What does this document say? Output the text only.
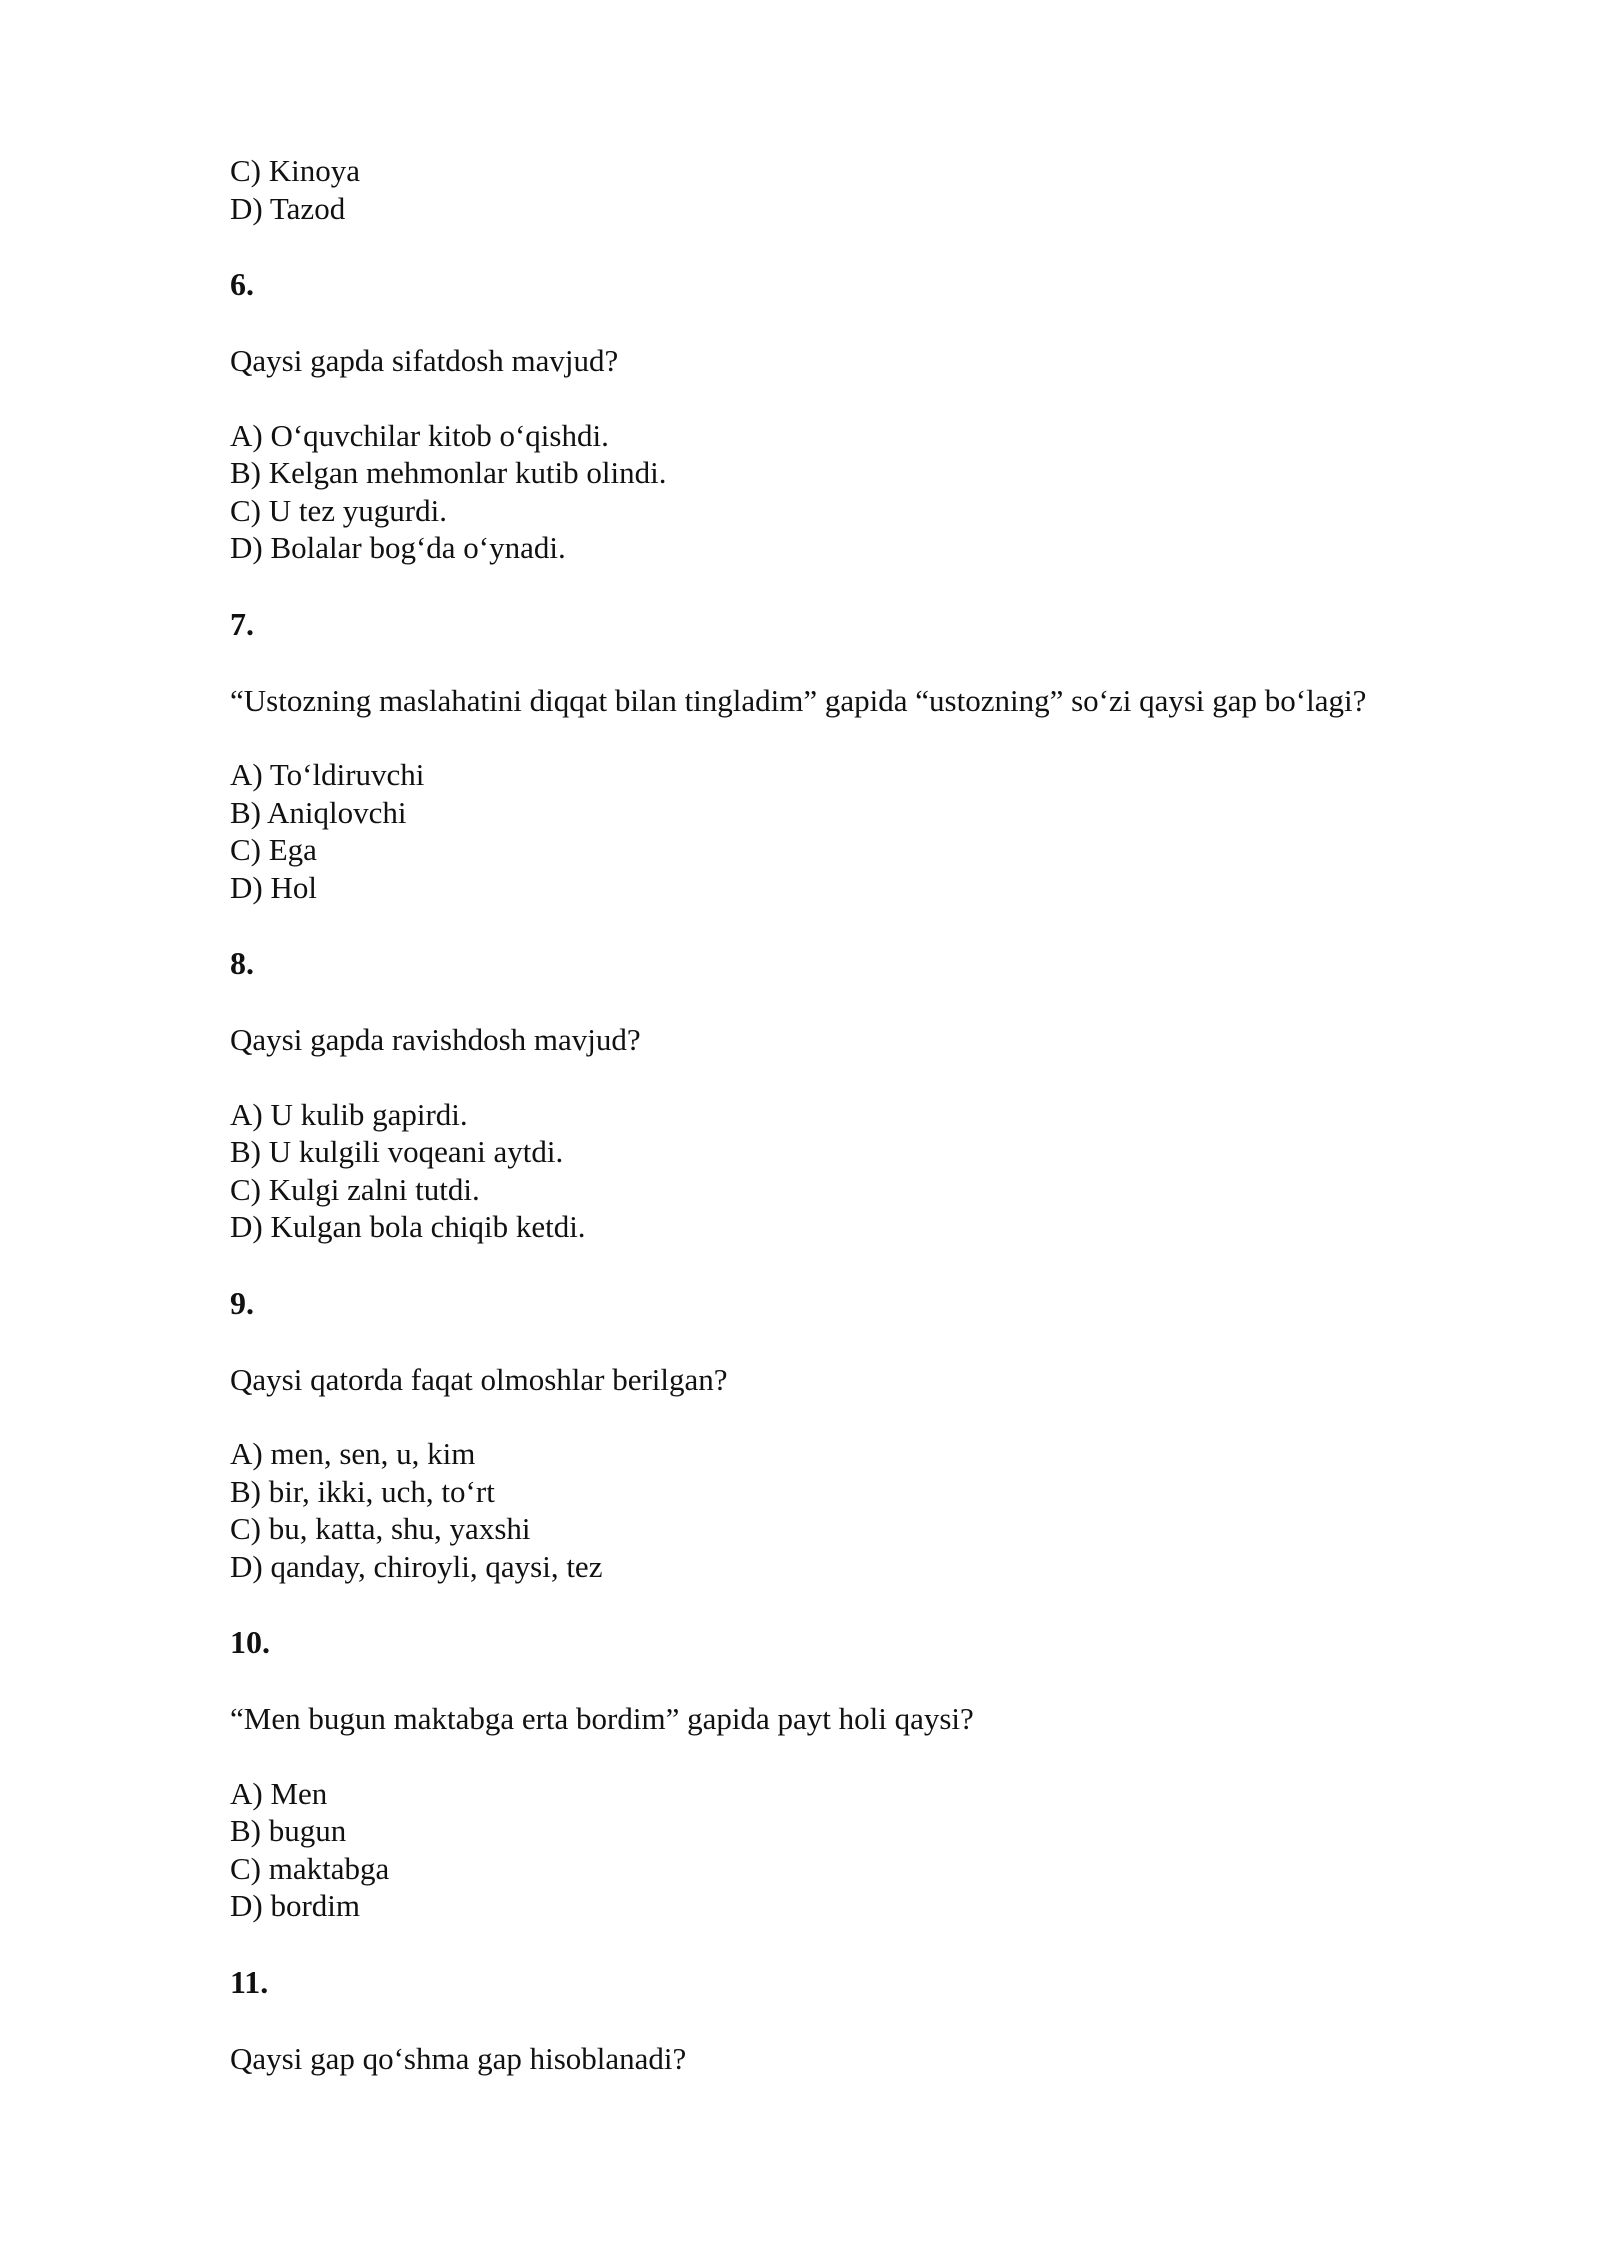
C) Kinoya
D) Tazod
6.
Qaysi gapda sifatdosh mavjud?
A) O‘quvchilar kitob o‘qishdi.
B) Kelgan mehmonlar kutib olindi.
C) U tez yugurdi.
D) Bolalar bog‘da o‘ynadi.
7.
“Ustozning maslahatini diqqat bilan tingladim” gapida “ustozning” so‘zi qaysi gap bo‘lagi?
A) To‘ldiruvchi
B) Aniqlovchi
C) Ega
D) Hol
8.
Qaysi gapda ravishdosh mavjud?
A) U kulib gapirdi.
B) U kulgili voqeani aytdi.
C) Kulgi zalni tutdi.
D) Kulgan bola chiqib ketdi.
9.
Qaysi qatorda faqat olmoshlar berilgan?
A) men, sen, u, kim
B) bir, ikki, uch, to‘rt
C) bu, katta, shu, yaxshi
D) qanday, chiroyli, qaysi, tez
10.
“Men bugun maktabga erta bordim” gapida payt holi qaysi?
A) Men
B) bugun
C) maktabga
D) bordim
11.
Qaysi gap qo‘shma gap hisoblanadi?
